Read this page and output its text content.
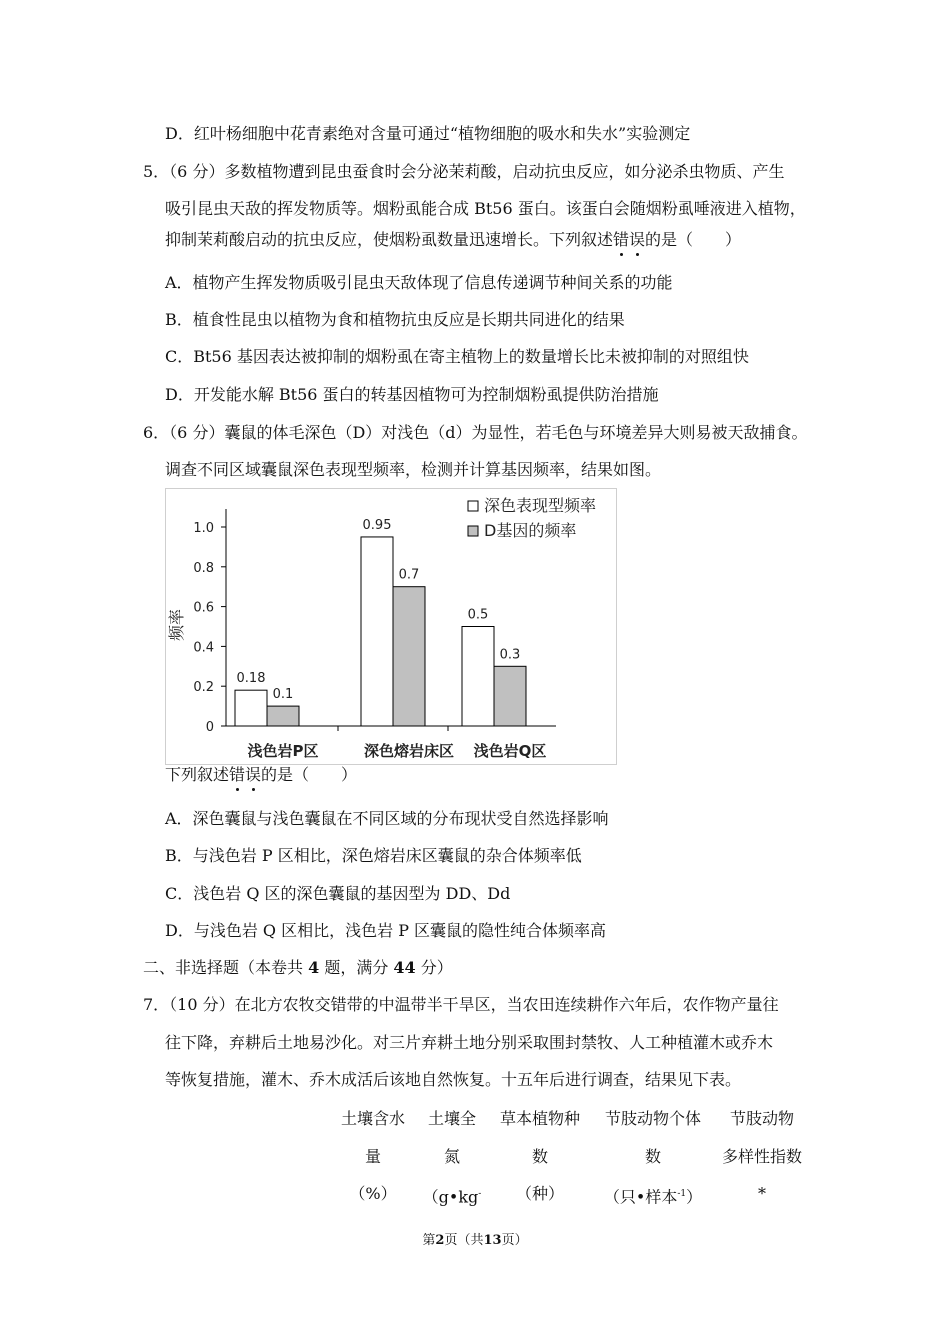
D．红叶杨细胞中花青素绝对含量可通过“植物细胞的吸水和失水”实验测定
5．（6 分）多数植物遭到昆虫蚕食时会分泌茉莉酸，启动抗虫反应，如分泌杀虫物质、产生
吸引昆虫天敌的挥发物质等。烟粉虱能合成 Bt56 蛋白。该蛋白会随烟粉虱唾液进入植物，
抑制茉莉酸启动的抗虫反应，使烟粉虱数量迅速增长。下列叙述错误的是（　　）
A．植物产生挥发物质吸引昆虫天敌体现了信息传递调节种间关系的功能
B．植食性昆虫以植物为食和植物抗虫反应是长期共同进化的结果
C．Bt56 基因表达被抑制的烟粉虱在寄主植物上的数量增长比未被抑制的对照组快
D．开发能水解 Bt56 蛋白的转基因植物可为控制烟粉虱提供防治措施
6．（6 分）囊鼠的体毛深色（D）对浅色（d）为显性，若毛色与环境差异大则易被天敌捕食。
调查不同区域囊鼠深色表现型频率，检测并计算基因频率，结果如图。
0
0.2
0.4
0.6
0.8
1.0
频率
0.18
0.95
0.5
0.1
0.7
0.3
浅色岩P区	深色熔岩床区 浅色岩Q区
深色表现型频率
D基因的频率
下列叙述错误的是（　　）
A．深色囊鼠与浅色囊鼠在不同区域的分布现状受自然选择影响
B．与浅色岩 P 区相比，深色熔岩床区囊鼠的杂合体频率低
C．浅色岩 Q 区的深色囊鼠的基因型为 DD、Dd
D．与浅色岩 Q 区相比，浅色岩 P 区囊鼠的隐性纯合体频率高
二、非选择题（本卷共 4 题，满分 44 分）
7．（10 分）在北方农牧交错带的中温带半干旱区，当农田连续耕作六年后，农作物产量往
往下降，弃耕后土地易沙化。对三片弃耕土地分别采取围封禁牧、人工种植灌木或乔木
等恢复措施，灌木、乔木成活后该地自然恢复。十五年后进行调查，结果见下表。
土壤含水
量
（%）
土壤全
氮
（g•kg-
草本植物种
数
（种）
节肢动物个体
数
（只•样本$^{-1}$）
节肢动物
多样性指数
*
第2页（共13页）
